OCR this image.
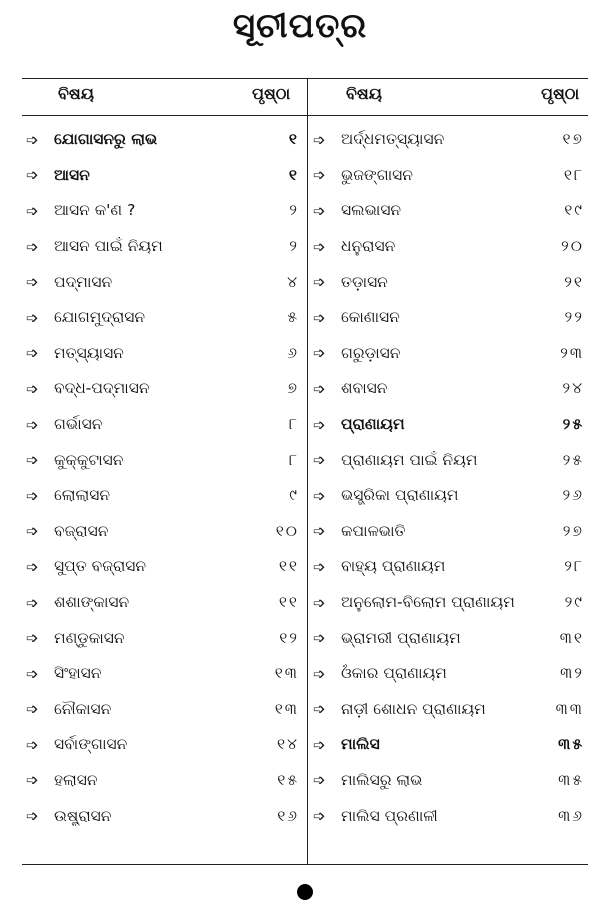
ସୂଚୀପତ୍ର
ବିଷୟ	ପୃଷ୍ଠା	ବିଷୟ	ପୃଷ୍ଠା
➩ ଯୋଗାସନରୁ ଲାଭ	୧
➩ ଆସନ	୧
➩ ଆସନ କ'ଣ ?	୨
➩ ଆସନ ପାଇଁ ନିୟମ	୨
➩ ପଦ୍ମାସନ	୪
➩ ଯୋଗମୁଦ୍ରାସନ	୫
➩ ମତ୍ସ୍ୟାସନ	୬
➩ ବଦ୍ଧ-ପଦ୍ମାସନ	୭
➩ ଗର୍ଭାସନ	୮
➩ କୁକ୍କୁଟାସନ	୮
➩ ଲୋଲାସନ	୯
➩ ବଜ୍ରାସନ	୧୦
➩ ସୁପ୍ତ ବଜ୍ରାସନ	୧୧
➩ ଶଶାଙ୍କାସନ	୧୧
➩ ମଣ୍ଡୁକାସନ	୧୨
➩ ସିଂହାସନ	୧୩
➩ ନୌକାସନ	୧୩
➩ ସର୍ବାଙ୍ଗାସନ	୧୪
➩ ହଲାସନ	୧୫
➩ ଉଷ୍ଟ୍ରାସନ	୧୬
➩ ଅର୍ଦ୍ଧମତ୍ସ୍ୟାସନ	୧୭
➩ ଭୁଜଙ୍ଗାସନ	୧୮
➩ ସଲଭାସନ	୧୯
➩ ଧନୁରାସନ	୨୦
➩ ତଡ଼ାସନ	୨୧
➩ କୋଣାସନ	୨୨
➩ ଗରୁଡ଼ାସନ	୨୩
➩ ଶବାସନ	୨୪
➩ ପ୍ରାଣାୟମ	୨୫
➩ ପ୍ରାଣାୟମ ପାଇଁ ନିୟମ	୨୫
➩ ଭସ୍ତ୍ରିକା ପ୍ରାଣାୟମ	୨୬
➩ କପାଳଭାତି	୨୭
➩ ବାହ୍ୟ ପ୍ରାଣାୟମ	୨୮
➩ ଅନୁଲୋମ-ବିଲୋମ ପ୍ରାଣାୟମ	୨୯
➩ ଭ୍ରାମରୀ ପ୍ରାଣାୟମ	୩୧
➩ ଓଁକାର ପ୍ରାଣାୟମ	୩୨
➩ ନାଡ଼ୀ ଶୋଧନ ପ୍ରାଣାୟମ	୩୩
➩ ମାଲିସ	୩୫
➩ ମାଲିସରୁ ଲାଭ	୩୫
➩ ମାଲିସ ପ୍ରଣାଳୀ	୩୬
